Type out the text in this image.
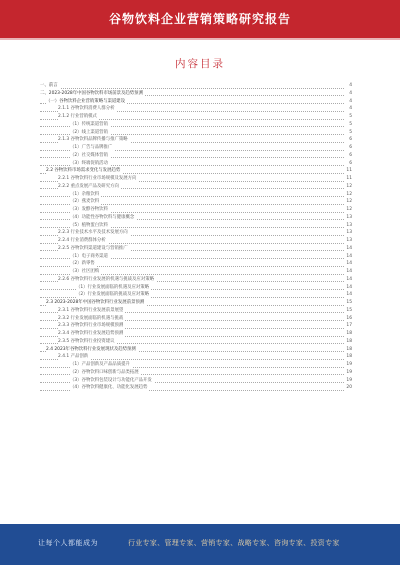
谷物饮料企业营销策略研究报告
内容目录
一、前言	4
二、2023-2028年中国谷物饮料市场前景及趋势预测	4
（一）谷物饮料企业营销策略与渠道建设	4
2.1.1 谷物饮料消费人群分析	4
2.1.2 行业营销模式	5
（1）传统渠道营销	5
（2）线上渠道营销	5
2.1.3 谷物饮料品牌传播与推广策略	6
（1）广告与品牌推广	6
（2）社交媒体营销	6
（3）终端促销活动	6
2.2 谷物饮料市场需求变化与发展趋势	11
2.2.1 谷物饮料行业市场规模及发展方向	11
2.2.2 重点发展产品及研究方向	12
（1）杂粮饮料	12
（2）燕麦饮料	12
（3）发酵谷物饮料	12
（4）功能性谷物饮料与健康概念	13
（5）植物蛋白饮料	13
2.2.3 行业技术水平及技术发展方向	13
2.2.4 行业消费群体分析	13
2.2.5 谷物饮料渠道建设与营销推广	14
（1）电子商务渠道	14
（2）新零售	14
（3）社区团购	14
2.2.6 谷物饮料行业发展的机遇与挑战及应对策略	14
（1）行业发展面临的机遇及应对策略	14
（2）行业发展面临的挑战及应对策略	14
2.3 2023-2028年中国谷物饮料行业发展前景预测	15
2.3.1 谷物饮料行业发展前景展望	15
2.3.2 行业发展面临的机遇与挑战	16
2.3.3 谷物饮料行业市场规模预测	17
2.3.4 谷物饮料行业发展趋势预测	18
2.3.5 谷物饮料行业投资建议	18
2.4 2023年谷物饮料行业发展现状及趋势预测	18
2.4.1 产品创新	18
（1）产品创新及产品品质提升	19
（2）谷物饮料口味创新与品类拓展	19
（3）谷物饮料包装设计与功能化产品开发	19
（4）谷物饮料健康化、功能化发展趋势	20
让每个人都能成为	行业专家、管理专家、营销专家、战略专家、咨询专家、投资专家
